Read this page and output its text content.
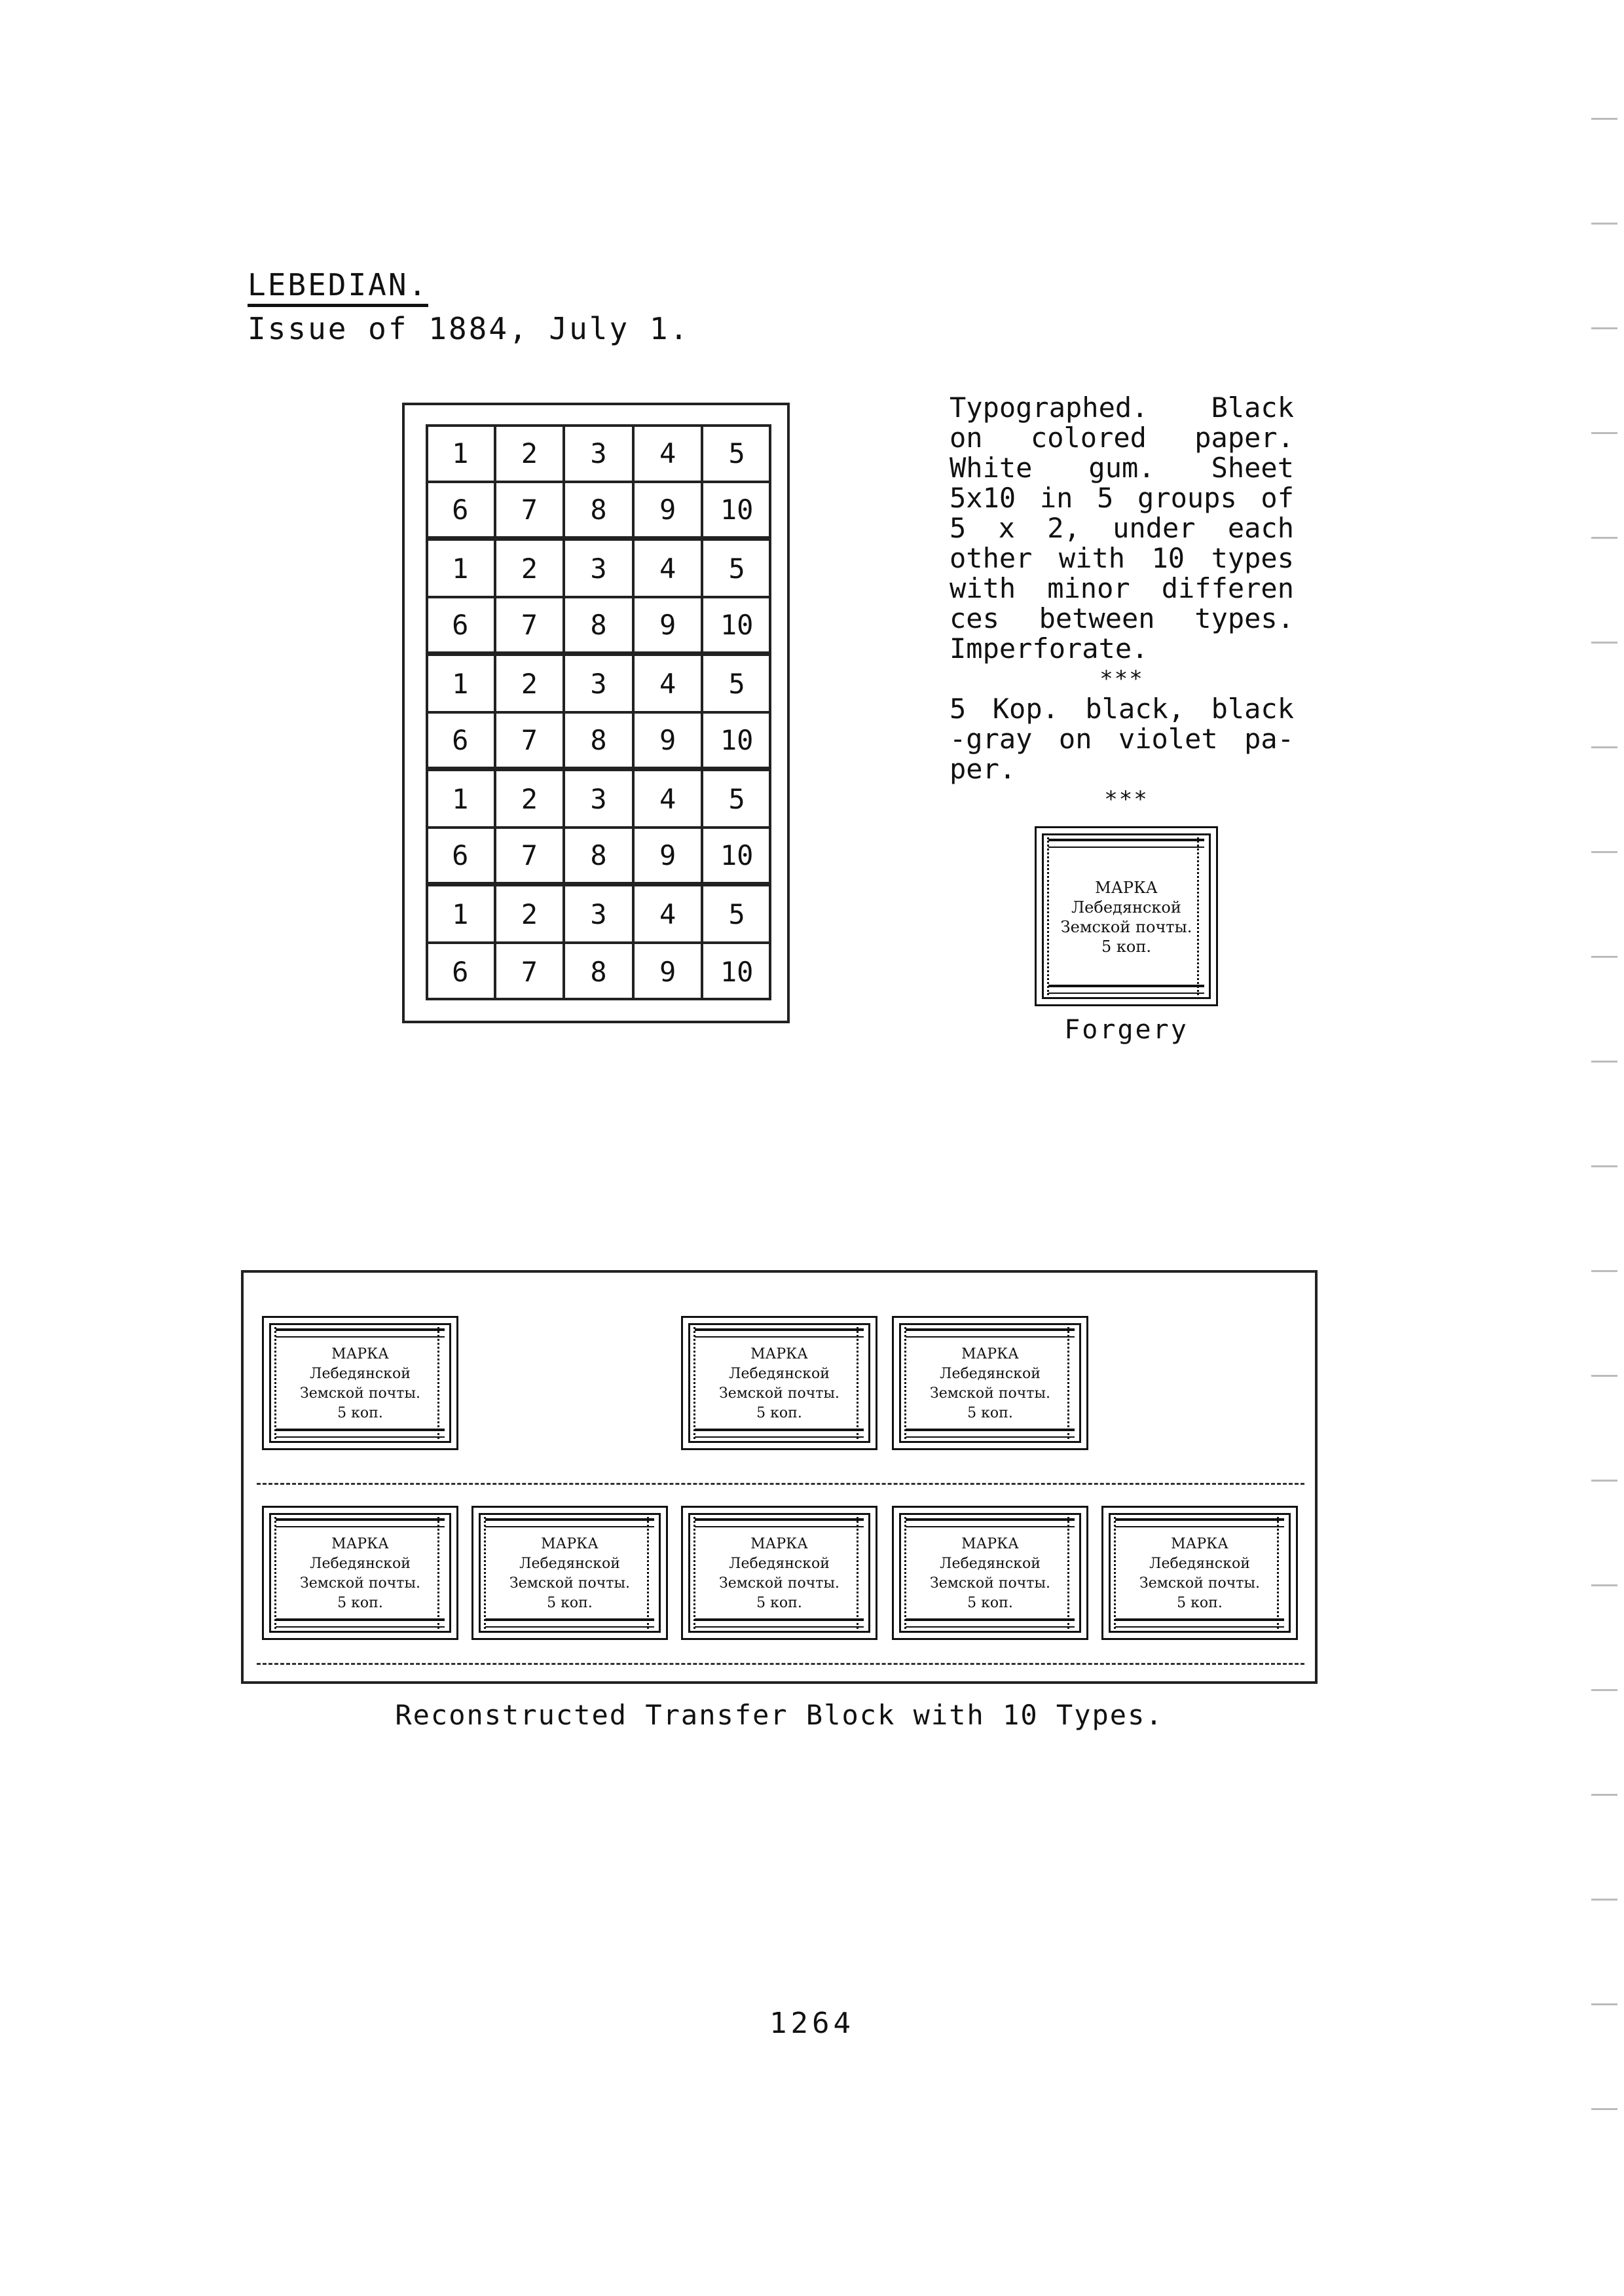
LEBEDIAN.
Issue of 1884, July 1.
1	2	3	4	5
6	7	8	9	10
1	2	3	4	5
6	7	8	9	10
1	2	3	4	5
6	7	8	9	10
1	2	3	4	5
6	7	8	9	10
1	2	3	4	5
6	7	8	9	10

Typographed. Black on colored paper. White gum. Sheet 5x10 in 5 groups of 5 x 2, under each other with 10 types with minor differen ces between types. Imperforate.

***

5 Kop. black, black -gray on violet pa- per.

***

МАРКА
Лебедянской
Земской почты.
5 коп.
Forgery
МАРКА
Лебедянской
Земской почты.
5 коп.
МАРКА
Лебедянской
Земской почты.
5 коп.
МАРКА
Лебедянской
Земской почты.
5 коп.
МАРКА
Лебедянской
Земской почты.
5 коп.
МАРКА
Лебедянской
Земской почты.
5 коп.
МАРКА
Лебедянской
Земской почты.
5 коп.
МАРКА
Лебедянской
Земской почты.
5 коп.
МАРКА
Лебедянской
Земской почты.
5 коп.
Reconstructed Transfer Block with 10 Types.
1264
